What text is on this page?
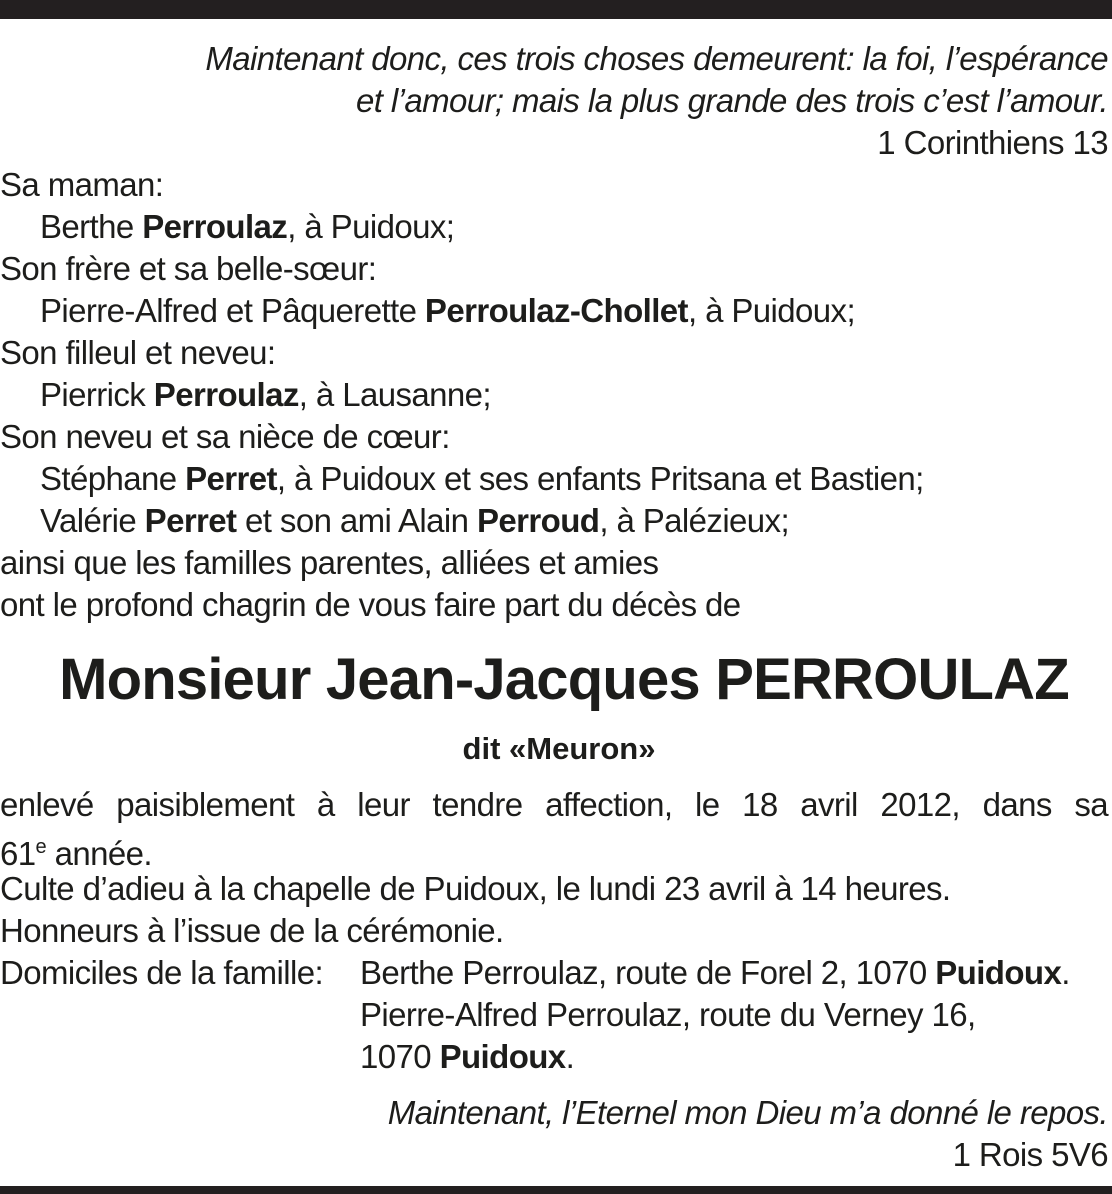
Maintenant donc, ces trois choses demeurent: la foi, l’espérance
et l’amour; mais la plus grande des trois c’est l’amour.
1 Corinthiens 13
Sa maman:
Berthe Perroulaz, à Puidoux;
Son frère et sa belle-sœur:
Pierre-Alfred et Pâquerette Perroulaz-Chollet, à Puidoux;
Son filleul et neveu:
Pierrick Perroulaz, à Lausanne;
Son neveu et sa nièce de cœur:
Stéphane Perret, à Puidoux et ses enfants Pritsana et Bastien;
Valérie Perret et son ami Alain Perroud, à Palézieux;
ainsi que les familles parentes, alliées et amies
ont le profond chagrin de vous faire part du décès de
Monsieur Jean-Jacques PERROULAZ
dit «Meuron»
enlevé paisiblement à leur tendre affection, le 18 avril 2012, dans sa
61e année.
Culte d’adieu à la chapelle de Puidoux, le lundi 23 avril à 14 heures.
Honneurs à l’issue de la cérémonie.
Domiciles de la famille: Berthe Perroulaz, route de Forel 2, 1070 Puidoux.
Pierre-Alfred Perroulaz, route du Verney 16,
1070 Puidoux.
Maintenant, l’Eternel mon Dieu m’a donné le repos.
1 Rois 5V6
